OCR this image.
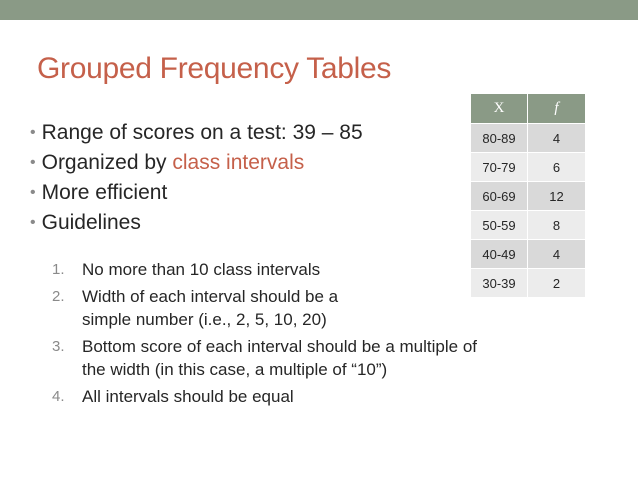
Grouped Frequency Tables
• Range of scores on a test: 39 – 85
• Organized by class intervals
• More efficient
• Guidelines
1. No more than 10 class intervals
2. Width of each interval should be a
simple number (i.e., 2, 5, 10, 20)
3. Bottom score of each interval should be a multiple of
the width (in this case, a multiple of “10”)
4. All intervals should be equal
X	f
80-89	4
70-79	6
60-69	12
50-59	8
40-49	4
30-39	2
